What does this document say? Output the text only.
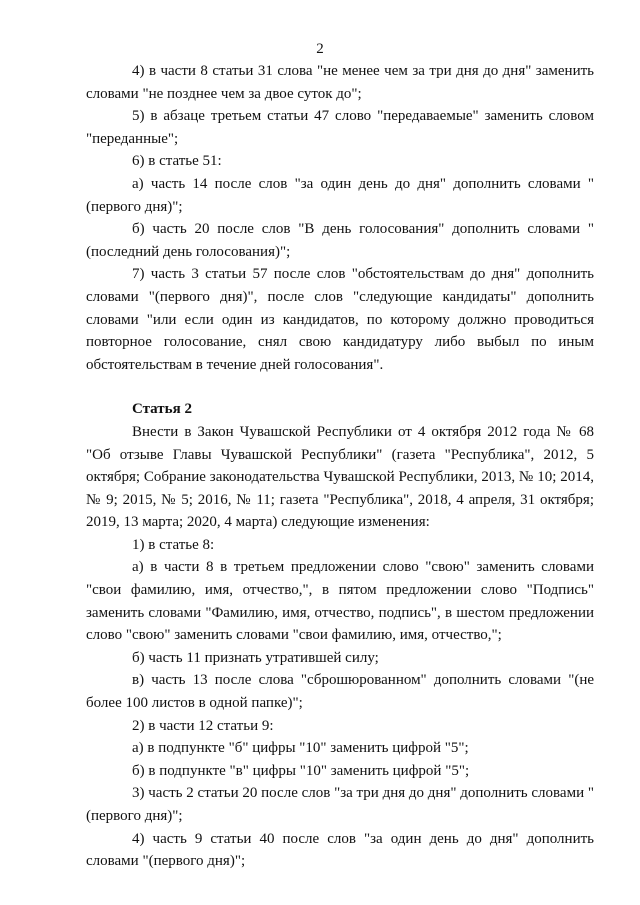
2

4) в части 8 статьи 31 слова "не менее чем за три дня до дня" заменить словами "не позднее чем за двое суток до";

5) в абзаце третьем статьи 47 слово "передаваемые" заменить словом "переданные";

6) в статье 51:

а) часть 14 после слов "за один день до дня" дополнить словами "(первого дня)";

б) часть 20 после слов "В день голосования" дополнить словами "(последний день голосования)";

7) часть 3 статьи 57 после слов "обстоятельствам до дня" дополнить словами "(первого дня)", после слов "следующие кандидаты" дополнить словами "или если один из кандидатов, по которому должно проводиться повторное голосование, снял свою кандидатуру либо выбыл по иным обстоятельствам в течение дней голосования".

Статья 2

Внести в Закон Чувашской Республики от 4 октября 2012 года № 68 "Об отзыве Главы Чувашской Республики" (газета "Республика", 2012, 5 октября; Собрание законодательства Чувашской Республики, 2013, № 10; 2014, № 9; 2015, № 5; 2016, № 11; газета "Республика", 2018, 4 апреля, 31 октября; 2019, 13 марта; 2020, 4 марта) следующие изменения:

1) в статье 8:

а) в части 8 в третьем предложении слово "свою" заменить словами "свои фамилию, имя, отчество,", в пятом предложении слово "Подпись" заменить словами "Фамилию, имя, отчество, подпись", в шестом предложении слово "свою" заменить словами "свои фамилию, имя, отчество,";

б) часть 11 признать утратившей силу;

в) часть 13 после слова "сброшюрованном" дополнить словами "(не более 100 листов в одной папке)";

2) в части 12 статьи 9:

а) в подпункте "б" цифры "10" заменить цифрой "5";

б) в подпункте "в" цифры "10" заменить цифрой "5";

3) часть 2 статьи 20 после слов "за три дня до дня" дополнить словами "(первого дня)";

4) часть 9 статьи 40 после слов "за один день до дня" дополнить словами "(первого дня)";
